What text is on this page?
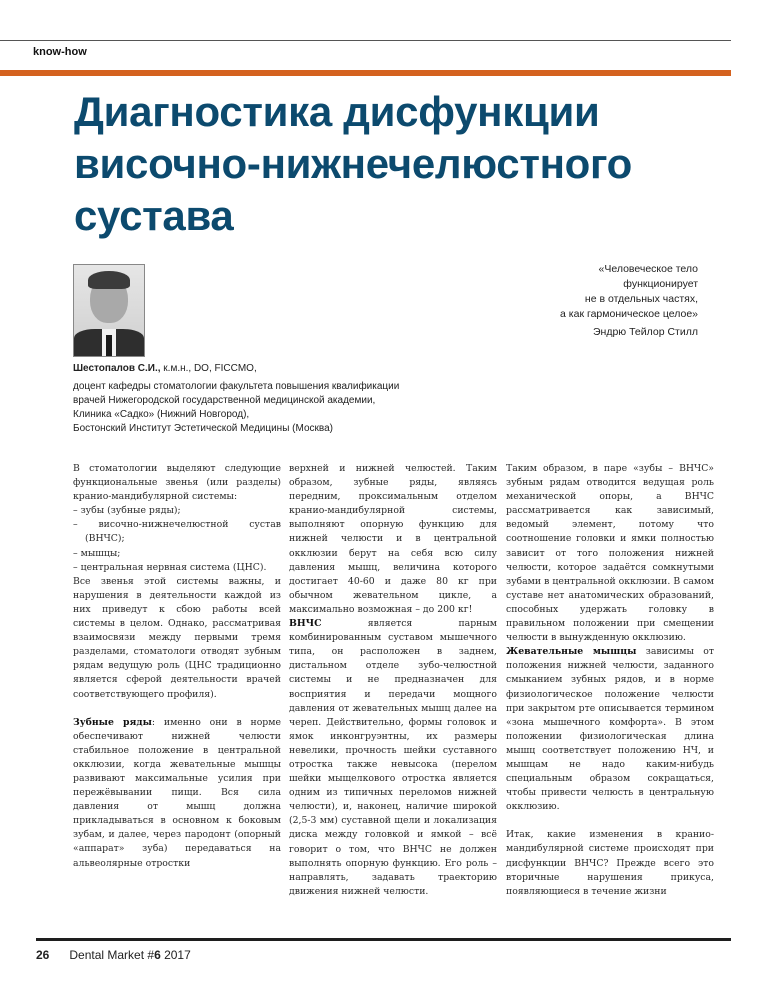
know-how
Диагностика дисфункции
височно-нижнечелюстного
сустава
«Человеческое тело
функционирует
не в отдельных частях,
а как гармоническое целое»
Эндрю Тейлор Стилл
Шестопалов С.И., к.м.н., DO, FICCMO,
доцент кафедры стоматологии факультета повышения квалификации
врачей Нижегородской государственной медицинской академии,
Клиника «Садко» (Нижний Новгород),
Бостонский Институт Эстетической Медицины (Москва)

В стоматологии выделяют следующие функциональные звенья (или разделы) кранио-мандибулярной системы:

– зубы (зубные ряды);
– височно-нижнечелюстной сустав (ВНЧС);
– мышцы;
– центральная нервная система (ЦНС).

Все звенья этой системы важны, и нарушения в деятельности каждой из них приведут к сбою работы всей системы в целом. Однако, рассматривая взаимосвязи между первыми тремя разделами, стоматологи отводят зубным рядам ведущую роль (ЦНС традиционно является сферой деятельности врачей соответствующего профиля).

Зубные ряды: именно они в норме обеспечивают нижней челюсти стабильное положение в центральной окклюзии, когда жевательные мышцы развивают максимальные усилия при пережёвывании пищи. Вся сила давления от мышц должна прикладываться в основном к боковым зубам, и далее, через пародонт (опорный «аппарат» зуба) передаваться на альвеолярные отростки

верхней и нижней челюстей. Таким образом, зубные ряды, являясь передним, проксимальным отделом кранио-мандибулярной системы, выполняют опорную функцию для нижней челюсти и в центральной окклюзии берут на себя всю силу давления мышц, величина которого достигает 40-60 и даже 80 кг при обычном жевательном цикле, а максимально возможная – до 200 кг!

ВНЧС является парным комбинированным суставом мышечного типа, он расположен в заднем, дистальном отделе зубо-челюстной системы и не предназначен для восприятия и передачи мощного давления от жевательных мышц далее на череп. Действительно, формы головок и ямок инконгруэнтны, их размеры невелики, прочность шейки суставного отростка также невысока (перелом шейки мыщелкового отростка является одним из типичных переломов нижней челюсти), и, наконец, наличие широкой (2,5-3 мм) суставной щели и локализация диска между головкой и ямкой – всё говорит о том, что ВНЧС не должен выполнять опорную функцию. Его роль – направлять, задавать траекторию движения нижней челюсти.

Таким образом, в паре «зубы – ВНЧС» зубным рядам отводится ведущая роль механической опоры, а ВНЧС рассматривается как зависимый, ведомый элемент, потому что соотношение головки и ямки полностью зависит от того положения нижней челюсти, которое задаётся сомкнутыми зубами в центральной окклюзии. В самом суставе нет анатомических образований, способных удержать головку в правильном положении при смещении челюсти в вынужденную окклюзию.

Жевательные мышцы зависимы от положения нижней челюсти, заданного смыканием зубных рядов, и в норме физиологическое положение челюсти при закрытом рте описывается термином «зона мышечного комфорта». В этом положении физиологическая длина мышц соответствует положению НЧ, и мышцам не надо каким-нибудь специальным образом сокращаться, чтобы привести челюсть в центральную окклюзию.

Итак, какие изменения в кранио-мандибулярной системе происходят при дисфункции ВНЧС? Прежде всего это вторичные нарушения прикуса, появляющиеся в течение жизни

26 Dental Market #6 2017
